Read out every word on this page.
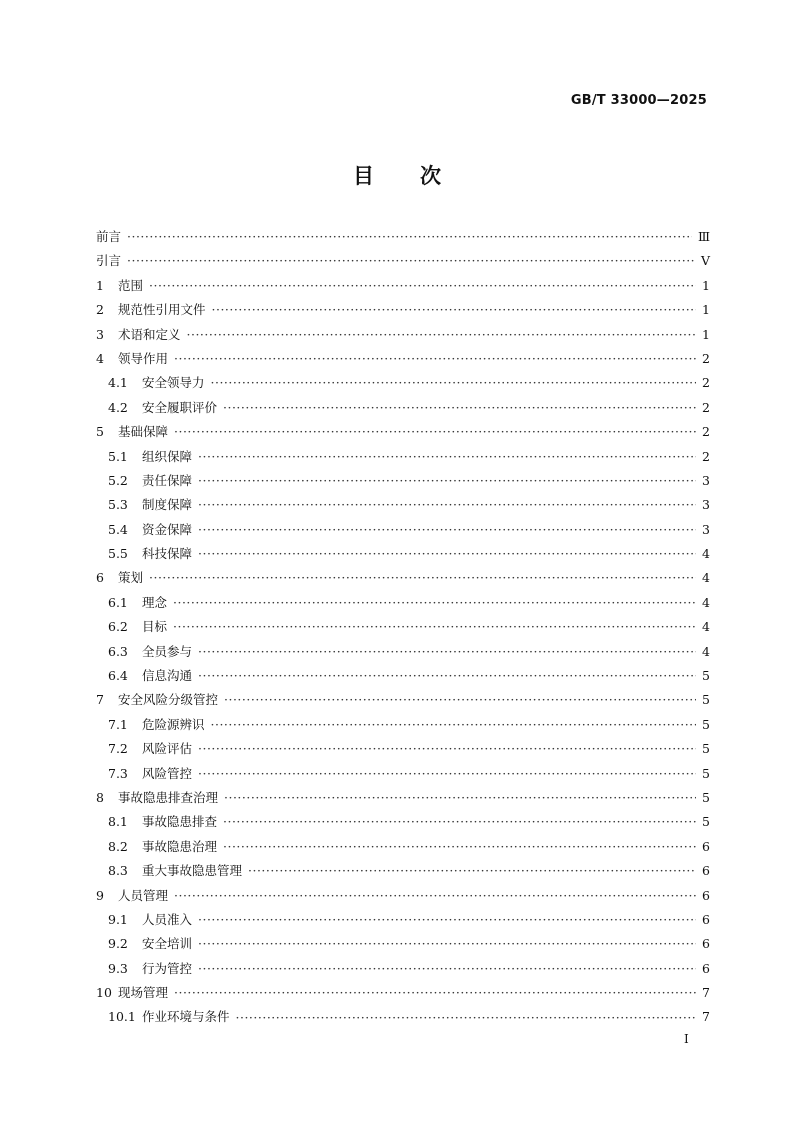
GB/T 33000—2025
目 次
前言 ·····	Ⅲ
引言 ·····	Ⅴ
1	范围 ·····	1
2	规范性引用文件 ·····	1
3	术语和定义 ·····	1
4	领导作用 ·····	2
4.1	安全领导力 ·····	2
4.2	安全履职评价 ·····	2
5	基础保障 ·····	2
5.1	组织保障 ·····	2
5.2	责任保障 ·····	3
5.3	制度保障 ·····	3
5.4	资金保障 ·····	3
5.5	科技保障 ·····	4
6	策划 ·····	4
6.1	理念 ·····	4
6.2	目标 ·····	4
6.3	全员参与 ·····	4
6.4	信息沟通 ·····	5
7	安全风险分级管控 ·····	5
7.1	危险源辨识 ·····	5
7.2	风险评估 ·····	5
7.3	风险管控 ·····	5
8	事故隐患排查治理 ·····	5
8.1	事故隐患排查 ·····	5
8.2	事故隐患治理 ·····	6
8.3	重大事故隐患管理 ·····	6
9	人员管理 ·····	6
9.1	人员准入 ·····	6
9.2	安全培训 ·····	6
9.3	行为管控 ·····	6
10 现场管理 ·····	7
10.1 作业环境与条件 ·····	7
I
